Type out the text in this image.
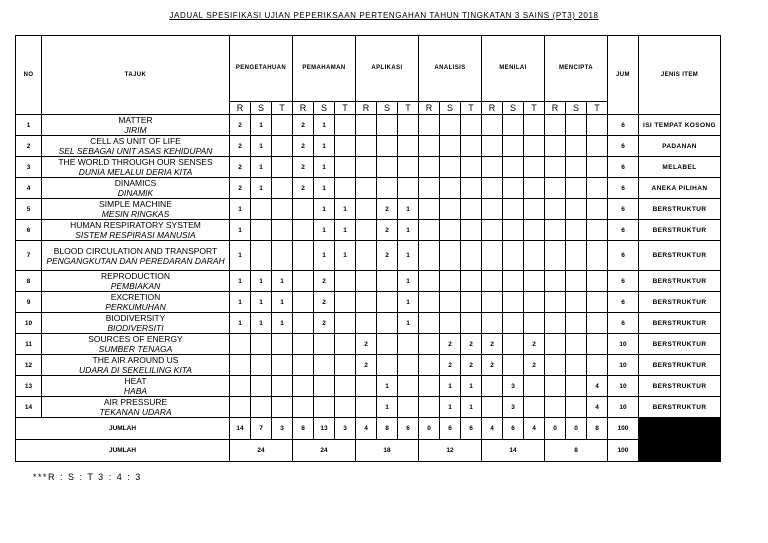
JADUAL SPESIFIKASI UJIAN PEPERIKSAAN PERTENGAHAN TAHUN TINGKATAN 3 SAINS (PT3) 2018
NO	TAJUK	PENGETAHUAN			PEMAHAMAN			APLIKASI			ANALISIS			MENILAI			MENCIPTA			JUM	JENIS ITEM
		R	S	T	R	S	T	R	S	T	R	S	T	R	S	T	R	S	T		
1	MATTER
JIRIM	2	1		2	1														6	ISI TEMPAT KOSONG
2	CELL AS UNIT OF LIFE
SEL SEBAGAI UNIT ASAS KEHIDUPAN	2	1		2	1														6	PADANAN
3	THE WORLD THROUGH OUR SENSES
DUNIA MELALUI DERIA KITA	2	1		2	1														6	MELABEL
4	DINAMICS
DINAMIK	2	1		2	1														6	ANEKA PILIHAN
5	SIMPLE MACHINE
MESIN RINGKAS	1				1	1		2	1										6	BERSTRUKTUR
6	HUMAN RESPIRATORY SYSTEM
SISTEM RESPIRASI MANUSIA	1				1	1		2	1										6	BERSTRUKTUR
7	BLOOD CIRCULATION AND TRANSPORT
PENGANGKUTAN DAN PEREDARAN DARAH	1				1	1		2	1										6	BERSTRUKTUR
8	REPRODUCTION
PEMBIAKAN	1	1	1		2				1										6	BERSTRUKTUR
9	EXCRETION
PERKUMUHAN	1	1	1		2				1										6	BERSTRUKTUR
10	BIODIVERSITY
BIODIVERSITI	1	1	1		2				1										6	BERSTRUKTUR
11	SOURCES OF ENERGY
SUMBER TENAGA							2				2	2	2		2				10	BERSTRUKTUR
12	THE AIR AROUND US
UDARA DI SEKELILING KITA							2				2	2	2		2				10	BERSTRUKTUR
13	HEAT
HABA								1			1	1		3				4	10	BERSTRUKTUR
14	AIR PRESSURE
TEKANAN UDARA								1			1	1		3				4	10	BERSTRUKTUR
JUMLAH		14	7	3	8	13	3	4	8	6	0	6	6	4	6	4	0	0	8	100	
JUMLAH		24			24			18			12			14			8			100	
***R : S : T 3 : 4 : 3
